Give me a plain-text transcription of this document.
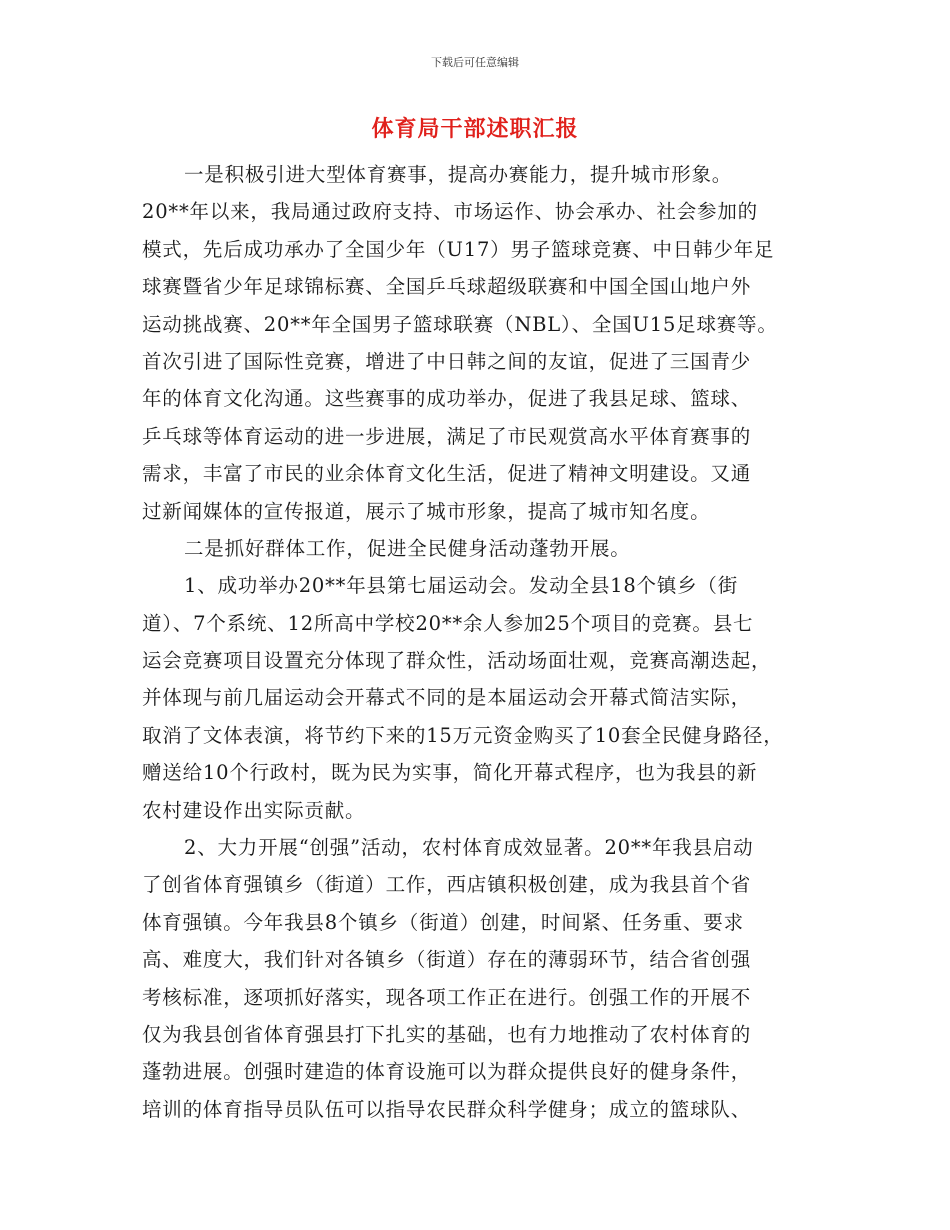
下载后可任意编辑
体育局干部述职汇报
一是积极引进大型体育赛事，提高办赛能力，提升城市形象。
20**年以来，我局通过政府支持、市场运作、协会承办、社会参加的
模式，先后成功承办了全国少年（U17）男子篮球竞赛、中日韩少年足
球赛暨省少年足球锦标赛、全国乒乓球超级联赛和中国全国山地户外
运动挑战赛、20**年全国男子篮球联赛（NBL）、全国U15足球赛等。
首次引进了国际性竞赛，增进了中日韩之间的友谊，促进了三国青少
年的体育文化沟通。这些赛事的成功举办，促进了我县足球、篮球、
乒乓球等体育运动的进一步进展，满足了市民观赏高水平体育赛事的
需求，丰富了市民的业余体育文化生活，促进了精神文明建设。又通
过新闻媒体的宣传报道，展示了城市形象，提高了城市知名度。
二是抓好群体工作，促进全民健身活动蓬勃开展。
1、成功举办20**年县第七届运动会。发动全县18个镇乡（街
道）、7个系统、12所高中学校20**余人参加25个项目的竞赛。县七
运会竞赛项目设置充分体现了群众性，活动场面壮观，竞赛高潮迭起，
并体现与前几届运动会开幕式不同的是本届运动会开幕式简洁实际，
取消了文体表演，将节约下来的15万元资金购买了10套全民健身路径，
赠送给10个行政村，既为民为实事，简化开幕式程序，也为我县的新
农村建设作出实际贡献。
2、大力开展“创强”活动，农村体育成效显著。20**年我县启动
了创省体育强镇乡（街道）工作，西店镇积极创建，成为我县首个省
体育强镇。今年我县8个镇乡（街道）创建，时间紧、任务重、要求
高、难度大，我们针对各镇乡（街道）存在的薄弱环节，结合省创强
考核标准，逐项抓好落实，现各项工作正在进行。创强工作的开展不
仅为我县创省体育强县打下扎实的基础，也有力地推动了农村体育的
蓬勃进展。创强时建造的体育设施可以为群众提供良好的健身条件，
培训的体育指导员队伍可以指导农民群众科学健身；成立的篮球队、
